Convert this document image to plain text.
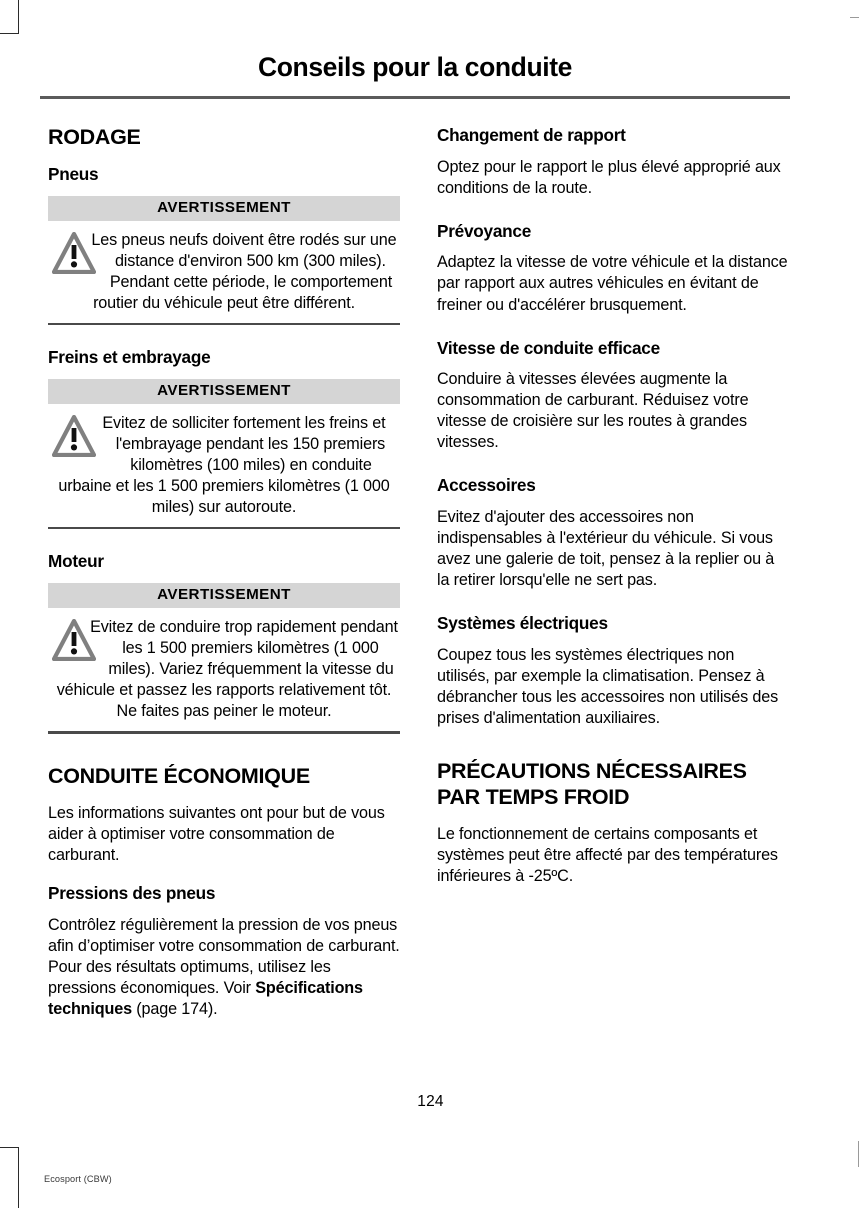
Conseils pour la conduite
RODAGE
Pneus
AVERTISSEMENT
Les pneus neufs doivent être rodés sur une distance d'environ 500 km (300 miles). Pendant cette période, le comportement routier du véhicule peut être différent.
Freins et embrayage
AVERTISSEMENT
Evitez de solliciter fortement les freins et l'embrayage pendant les 150 premiers kilomètres (100 miles) en conduite urbaine et les 1 500 premiers kilomètres (1 000 miles) sur autoroute.
Moteur
AVERTISSEMENT
Evitez de conduire trop rapidement pendant les 1 500 premiers kilomètres (1 000 miles). Variez fréquemment la vitesse du véhicule et passez les rapports relativement tôt. Ne faites pas peiner le moteur.
CONDUITE ÉCONOMIQUE

Les informations suivantes ont pour but de vous aider à optimiser votre consommation de carburant.

Pressions des pneus

Contrôlez régulièrement la pression de vos pneus afin d’optimiser votre consommation de carburant. Pour des résultats optimums, utilisez les pressions économiques. Voir Spécifications techniques (page 174).

Changement de rapport

Optez pour le rapport le plus élevé approprié aux conditions de la route.

Prévoyance

Adaptez la vitesse de votre véhicule et la distance par rapport aux autres véhicules en évitant de freiner ou d'accélérer brusquement.

Vitesse de conduite efficace

Conduire à vitesses élevées augmente la consommation de carburant. Réduisez votre vitesse de croisière sur les routes à grandes vitesses.

Accessoires

Evitez d'ajouter des accessoires non indispensables à l'extérieur du véhicule. Si vous avez une galerie de toit, pensez à la replier ou à la retirer lorsqu'elle ne sert pas.

Systèmes électriques

Coupez tous les systèmes électriques non utilisés, par exemple la climatisation. Pensez à débrancher tous les accessoires non utilisés des prises d'alimentation auxiliaires.

PRÉCAUTIONS NÉCESSAIRES PAR TEMPS FROID

Le fonctionnement de certains composants et systèmes peut être affecté par des températures inférieures à -25ºC.

124
Ecosport (CBW)
